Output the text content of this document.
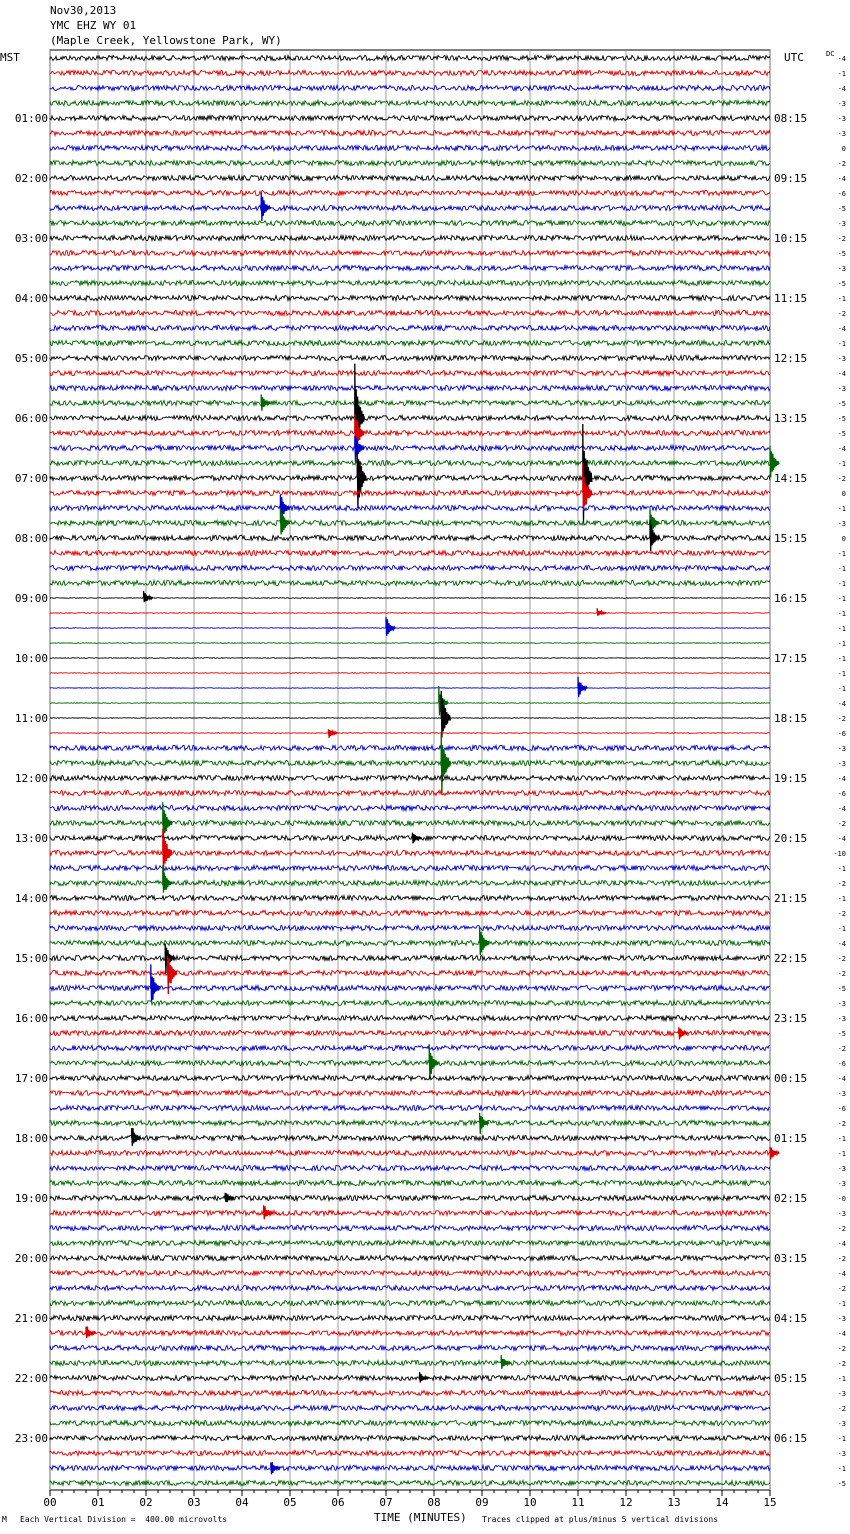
Nov30,2013
YMC EHZ WY 01
(Maple Creek, Yellowstone Park, WY)
MST	UTC
00	01	02	03	04	05	06	07	08	09	10	11	12	13	14	15
-4
-1
-4
-3
-3
-3
0
-2
-4
-6
-5
-3
-2
-5
-3
-5
-1
-2
-4
-1
-3
-4
-3
-5
-5
-5
-4
-1
-2
0
-1
-3
0
-1
-1
-1
-1
-1
-1
-1
-1
-1
-1
-4
-2
-6
-3
-3
-4
-6
-4
-2
-4
-10
-1
-2
-1
-2
-1
-4
-2
-2
-5
-3
-3
-5
-2
-6
-4
-3
-6
-2
-1
-1
-3
-3
-0
-3
-2
-4
-2
-4
-2
-1
-3
-4
-2
-2
-1
-3
-2
-3
-1
-3
-1
-5
01:00	08:15
02:00	09:15
03:00	10:15
04:00	11:15
05:00	12:15
06:00	13:15
07:00	14:15
08:00	15:15
09:00	16:15
10:00	17:15
11:00	18:15
12:00	19:15
13:00	20:15
14:00	21:15
15:00	22:15
16:00	23:15
17:00	00:15
18:00	01:15
19:00	02:15
20:00	03:15
21:00	04:15
22:00	05:15
23:00	06:15
DC
TIME (MINUTES)
M Each Vertical Division =  400.00 microvolts	Traces clipped at plus/minus 5 vertical divisions
